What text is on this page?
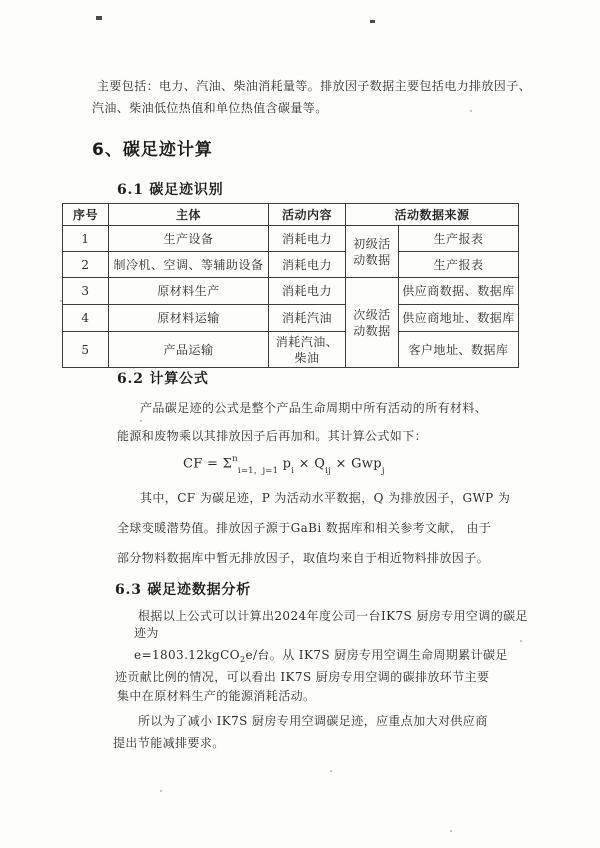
主要包括：电力、汽油、柴油消耗量等。排放因子数据主要包括电力排放因子、
汽油、柴油低位热值和单位热值含碳量等。
6、碳足迹计算
6.1 碳足迹识别
序号	主体	活动内容	活动数据来源	
1	生产设备	消耗电力	初级活动数据	生产报表
2	制冷机、空调、等辅助设备	消耗电力		生产报表
3	原材料生产	消耗电力	次级活动数据	供应商数据、数据库
4	原材料运输	消耗汽油		供应商地址、数据库
5	产品运输	消耗汽油、柴油		客户地址、数据库
6.2 计算公式
产品碳足迹的公式是整个产品生命周期中所有活动的所有材料、
能源和废物乘以其排放因子后再加和。其计算公式如下：
CF = $\Sigma^n_{i=1,j=1}$ $p_i \times Q_{ij} \times Gwp_j$
其中，CF 为碳足迹，P 为活动水平数据，Q 为排放因子，GWP 为
全球变暖潜势值。排放因子源于GaBi 数据库和相关参考文献， 由于
部分物料数据库中暂无排放因子，取值均来自于相近物料排放因子。
6.3 碳足迹数据分析
根据以上公式可以计算出2024年度公司一台IK7S 厨房专用空调的碳足
迹为
e=1803.12kgCO$_2$e/台。从 IK7S 厨房专用空调生命周期累计碳足
迹贡献比例的情况，可以看出 IK7S 厨房专用空调的碳排放环节主要
集中在原材料生产的能源消耗活动。
所以为了减小 IK7S 厨房专用空调碳足迹，应重点加大对供应商
提出节能减排要求。
